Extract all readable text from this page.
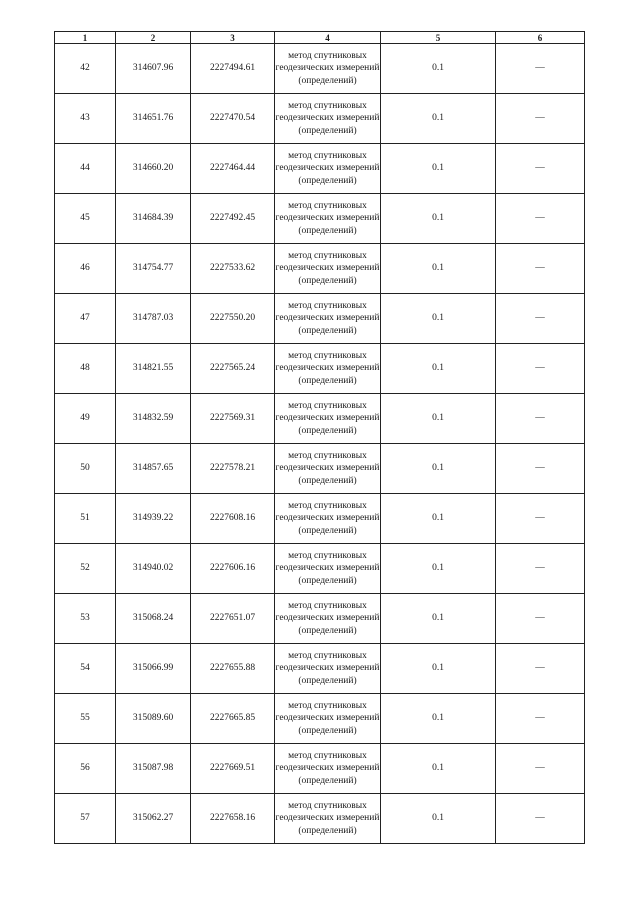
1	2	3	4	5	6
42	314607.96	2227494.61	метод спутниковых геодезических измерений (определений)	0.1	—
43	314651.76	2227470.54	метод спутниковых геодезических измерений (определений)	0.1	—
44	314660.20	2227464.44	метод спутниковых геодезических измерений (определений)	0.1	—
45	314684.39	2227492.45	метод спутниковых геодезических измерений (определений)	0.1	—
46	314754.77	2227533.62	метод спутниковых геодезических измерений (определений)	0.1	—
47	314787.03	2227550.20	метод спутниковых геодезических измерений (определений)	0.1	—
48	314821.55	2227565.24	метод спутниковых геодезических измерений (определений)	0.1	—
49	314832.59	2227569.31	метод спутниковых геодезических измерений (определений)	0.1	—
50	314857.65	2227578.21	метод спутниковых геодезических измерений (определений)	0.1	—
51	314939.22	2227608.16	метод спутниковых геодезических измерений (определений)	0.1	—
52	314940.02	2227606.16	метод спутниковых геодезических измерений (определений)	0.1	—
53	315068.24	2227651.07	метод спутниковых геодезических измерений (определений)	0.1	—
54	315066.99	2227655.88	метод спутниковых геодезических измерений (определений)	0.1	—
55	315089.60	2227665.85	метод спутниковых геодезических измерений (определений)	0.1	—
56	315087.98	2227669.51	метод спутниковых геодезических измерений (определений)	0.1	—
57	315062.27	2227658.16	метод спутниковых геодезических измерений (определений)	0.1	—
